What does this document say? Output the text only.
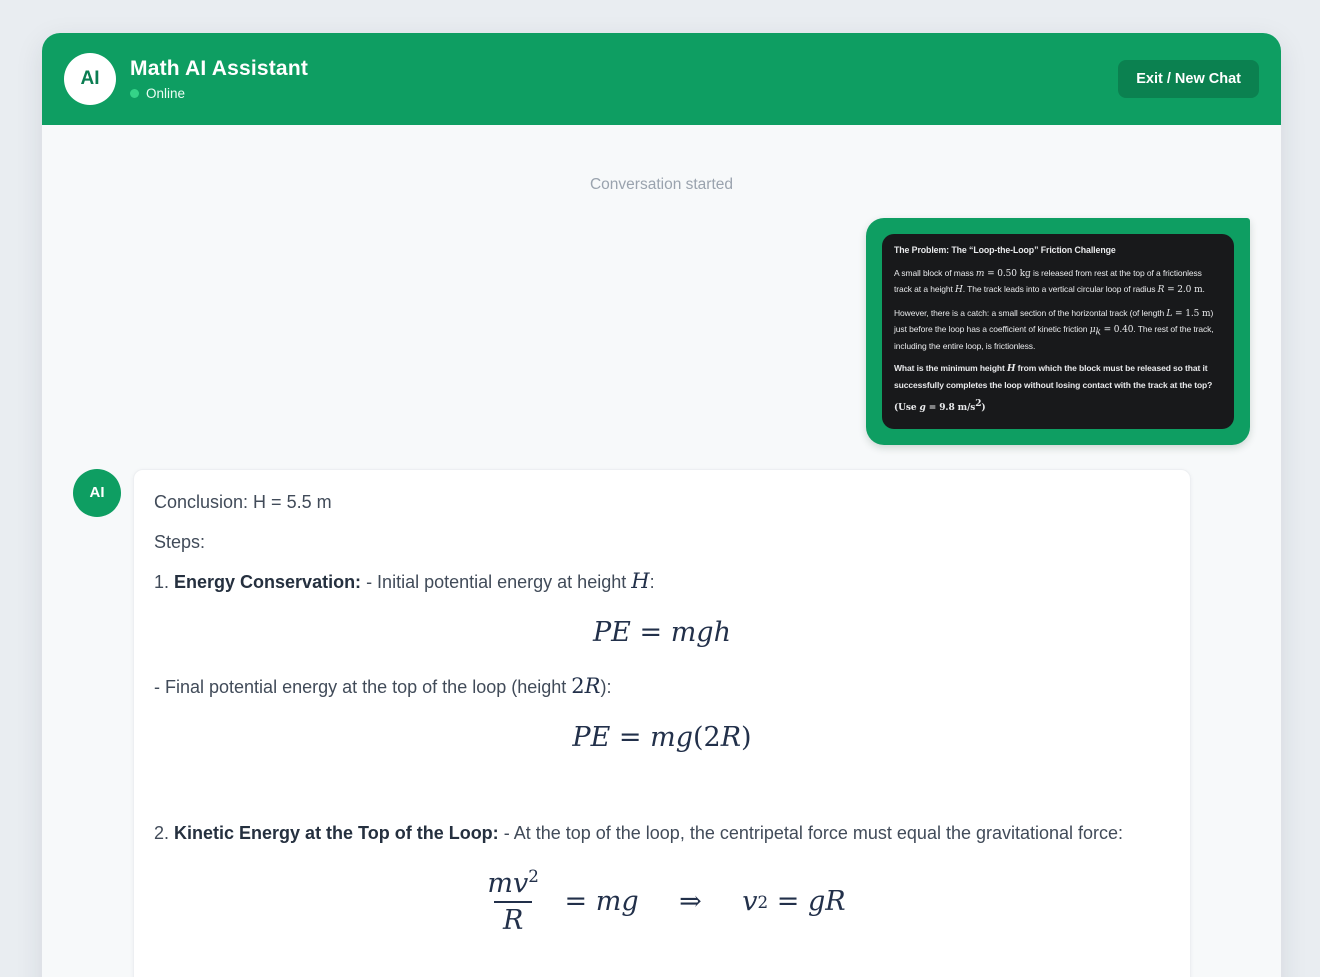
AI Math AI Assistant
Online
Exit / New Chat
Conversation started

The Problem: The “Loop-the-Loop” Friction Challenge

A small block of mass m = 0.50 kg is released from rest at the top of a frictionless track at a height H. The track leads into a vertical circular loop of radius R = 2.0 m.

However, there is a catch: a small section of the horizontal track (of length L = 1.5 m) just before the loop has a coefficient of kinetic friction μk = 0.40. The rest of the track, including the entire loop, is frictionless.

What is the minimum height H from which the block must be released so that it successfully completes the loop without losing contact with the track at the top?

(Use g = 9.8 m/s2)

AI	Conclusion: H = 5.5 m

Steps:

1. Energy Conservation: - Initial potential energy at height H:

PE = mgh

- Final potential energy at the top of the loop (height 2R):

PE = mg(2R)

2. Kinetic Energy at the Top of the Loop: - At the top of the loop, the centripetal force must equal the gravitational force:

$\frac{mv^2}{R}$ = mg   ⇒   v 2 = gR
